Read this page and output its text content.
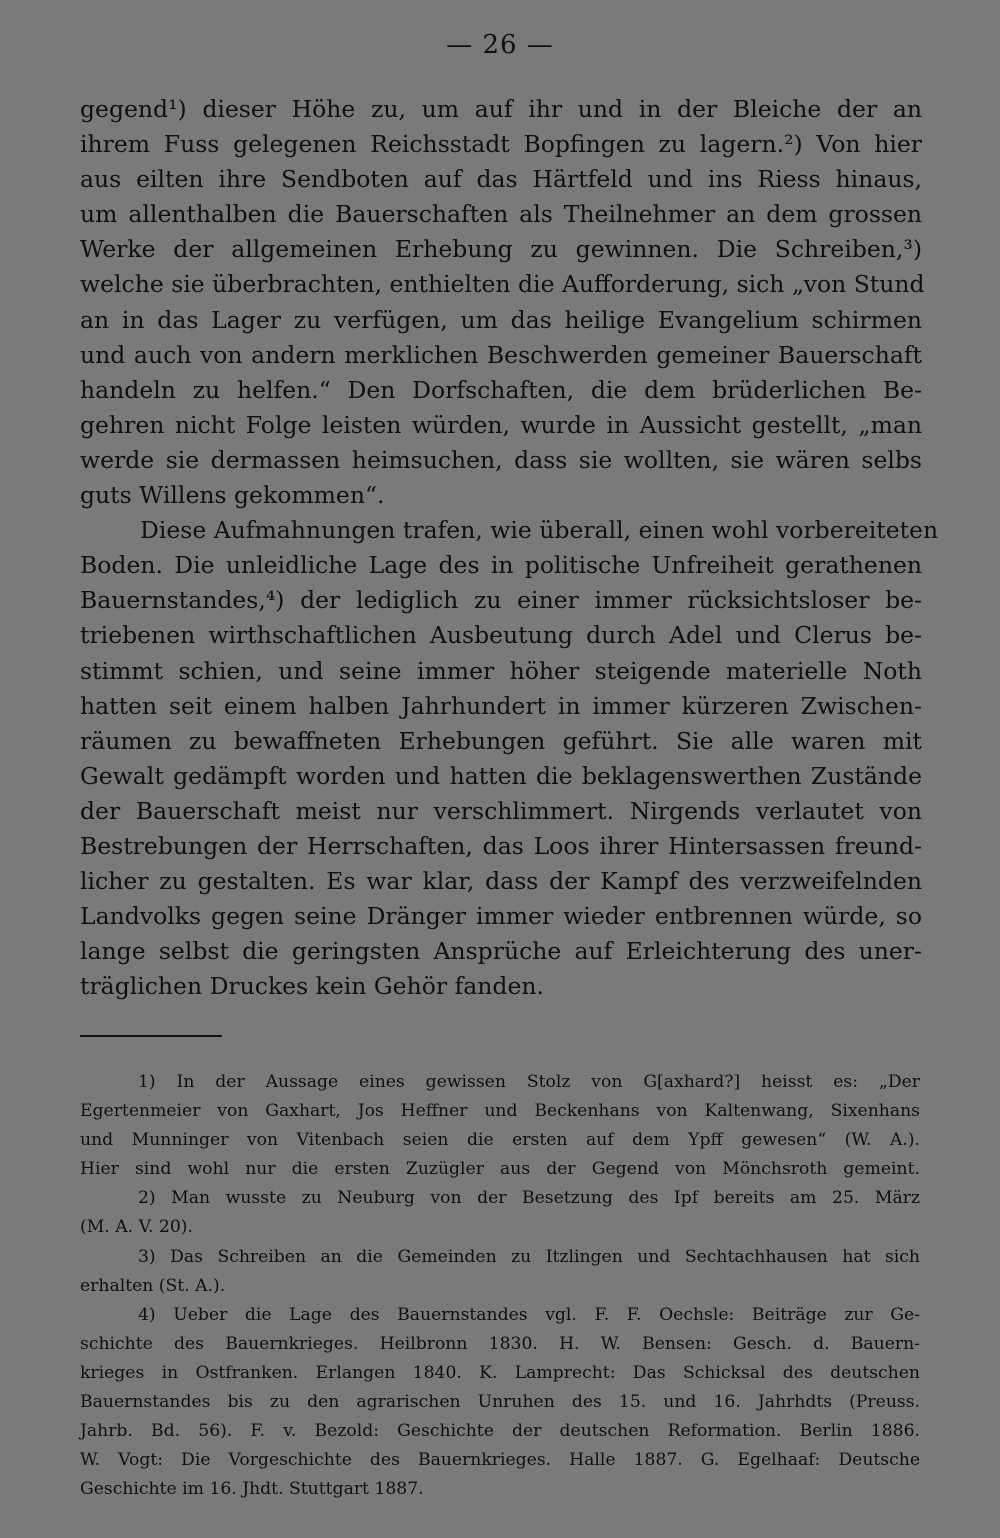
— 26 —
gegend¹) dieser Höhe zu, um auf ihr und in der Bleiche der an
ihrem Fuss gelegenen Reichsstadt Bopfingen zu lagern.²) Von hier
aus eilten ihre Sendboten auf das Härtfeld und ins Riess hinaus,
um allenthalben die Bauerschaften als Theilnehmer an dem grossen
Werke der allgemeinen Erhebung zu gewinnen. Die Schreiben,³)
welche sie überbrachten, enthielten die Aufforderung, sich „von Stund
an in das Lager zu verfügen, um das heilige Evangelium schirmen
und auch von andern merklichen Beschwerden gemeiner Bauerschaft
handeln zu helfen.“ Den Dorfschaften, die dem brüderlichen Be-
gehren nicht Folge leisten würden, wurde in Aussicht gestellt, „man
werde sie dermassen heimsuchen, dass sie wollten, sie wären selbs
guts Willens gekommen“.
Diese Aufmahnungen trafen, wie überall, einen wohl vorbereiteten
Boden. Die unleidliche Lage des in politische Unfreiheit gerathenen
Bauernstandes,⁴) der lediglich zu einer immer rücksichtsloser be-
triebenen wirthschaftlichen Ausbeutung durch Adel und Clerus be-
stimmt schien, und seine immer höher steigende materielle Noth
hatten seit einem halben Jahrhundert in immer kürzeren Zwischen-
räumen zu bewaffneten Erhebungen geführt. Sie alle waren mit
Gewalt gedämpft worden und hatten die beklagenswerthen Zustände
der Bauerschaft meist nur verschlimmert. Nirgends verlautet von
Bestrebungen der Herrschaften, das Loos ihrer Hintersassen freund-
licher zu gestalten. Es war klar, dass der Kampf des verzweifelnden
Landvolks gegen seine Dränger immer wieder entbrennen würde, so
lange selbst die geringsten Ansprüche auf Erleichterung des uner-
träglichen Druckes kein Gehör fanden.
1) In der Aussage eines gewissen Stolz von G[axhard?] heisst es: „Der
Egertenmeier von Gaxhart, Jos Heffner und Beckenhans von Kaltenwang, Sixenhans
und Munninger von Vitenbach seien die ersten auf dem Ypff gewesen“ (W. A.).
Hier sind wohl nur die ersten Zuzügler aus der Gegend von Mönchsroth gemeint.
2) Man wusste zu Neuburg von der Besetzung des Ipf bereits am 25. März
(M. A. V. 20).
3) Das Schreiben an die Gemeinden zu Itzlingen und Sechtachhausen hat sich
erhalten (St. A.).
4) Ueber die Lage des Bauernstandes vgl. F. F. Oechsle: Beiträge zur Ge-
schichte des Bauernkrieges. Heilbronn 1830. H. W. Bensen: Gesch. d. Bauern-
krieges in Ostfranken. Erlangen 1840. K. Lamprecht: Das Schicksal des deutschen
Bauernstandes bis zu den agrarischen Unruhen des 15. und 16. Jahrhdts (Preuss.
Jahrb. Bd. 56). F. v. Bezold: Geschichte der deutschen Reformation. Berlin 1886.
W. Vogt: Die Vorgeschichte des Bauernkrieges. Halle 1887. G. Egelhaaf: Deutsche
Geschichte im 16. Jhdt. Stuttgart 1887.
